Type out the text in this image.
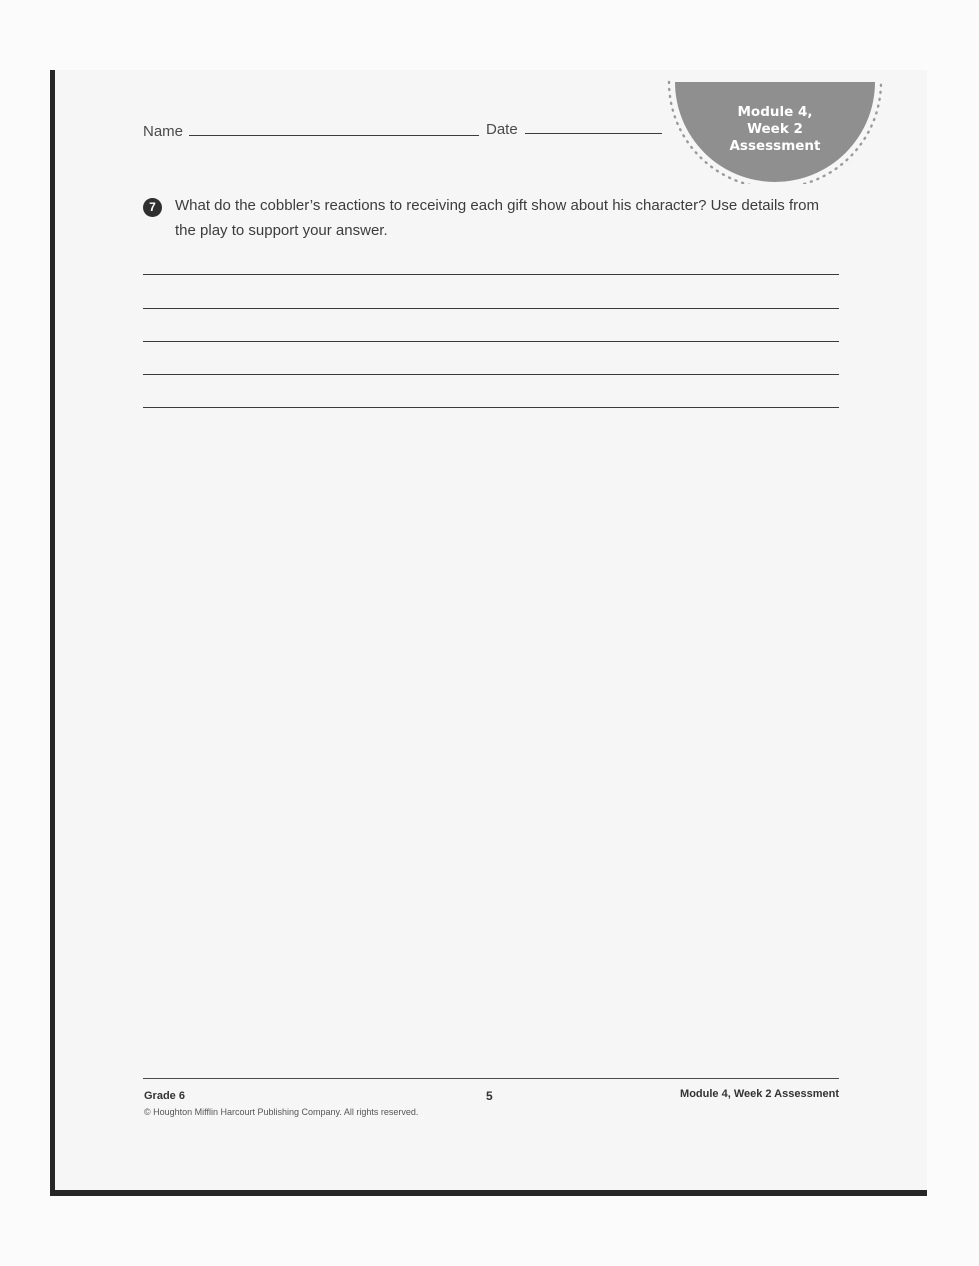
Name	Date
Module 4,
Week 2
Assessment
7	What do the cobbler’s reactions to receiving each gift show about his character? Use details from the play to support your answer.
Grade 6
© Houghton Mifflin Harcourt Publishing Company. All rights reserved.
5	Module 4, Week 2 Assessment
